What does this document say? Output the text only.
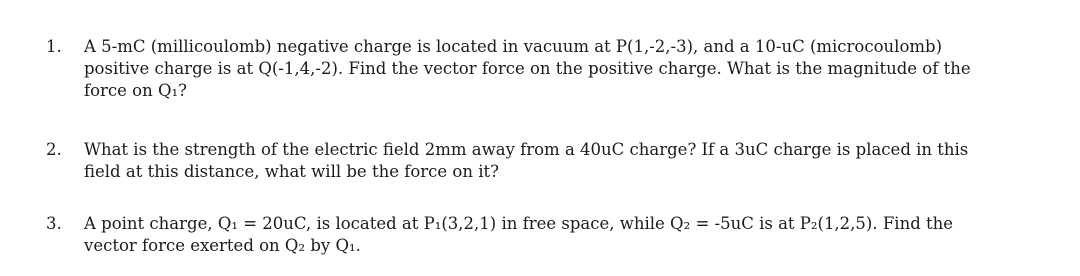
1. A 5-mC (millicoulomb) negative charge is located in vacuum at P(1,-2,-3), and a 10-uC (microcoulomb)
positive charge is at Q(-1,4,-2). Find the vector force on the positive charge. What is the magnitude of the
force on Q₁?
2. What is the strength of the electric field 2mm away from a 40uC charge? If a 3uC charge is placed in this
field at this distance, what will be the force on it?
3. A point charge, Q₁ = 20uC, is located at P₁(3,2,1) in free space, while Q₂ = -5uC is at P₂(1,2,5). Find the
vector force exerted on Q₂ by Q₁.
